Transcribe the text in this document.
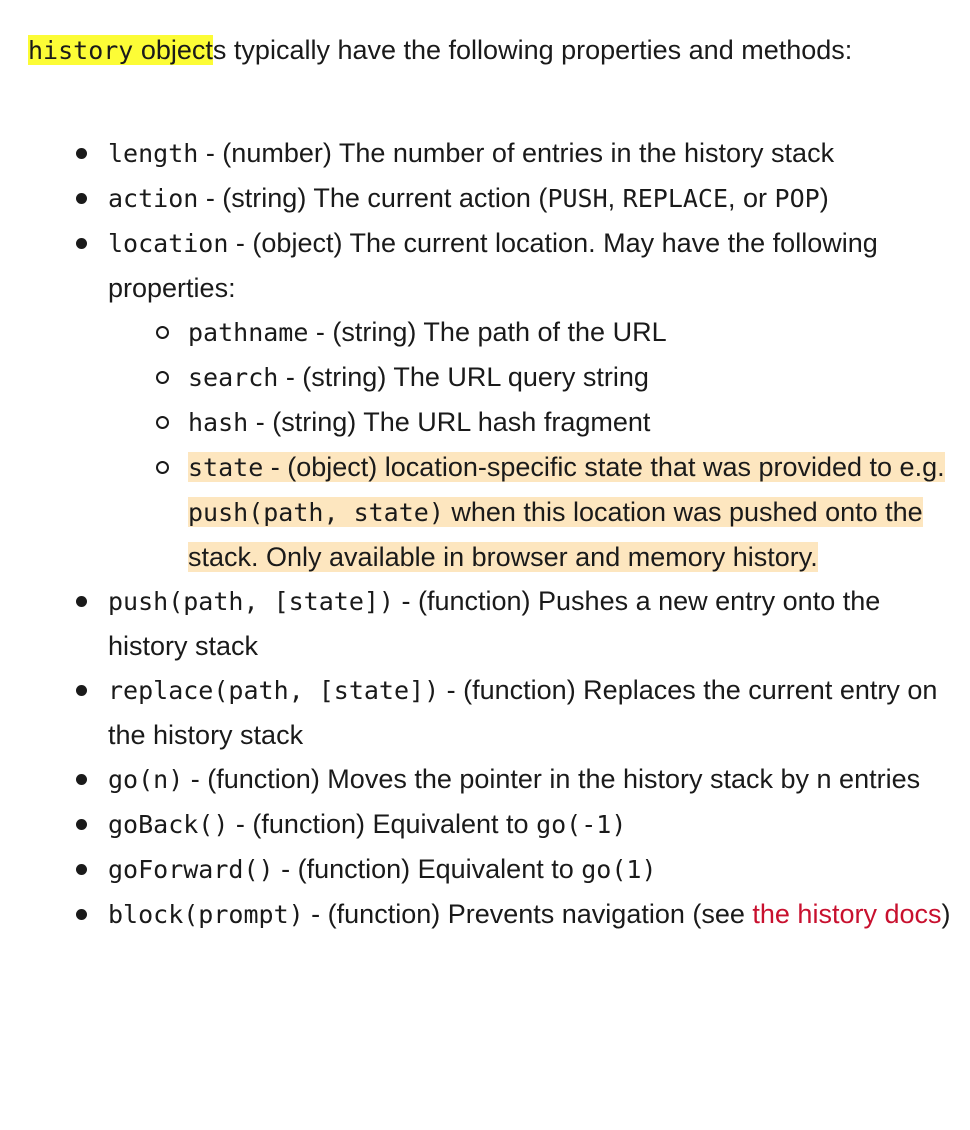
history objects typically have the following properties and methods:

length - (number) The number of entries in the history stack
action - (string) The current action (PUSH, REPLACE, or POP)
location - (object) The current location. May have the following properties:
pathname - (string) The path of the URL
search - (string) The URL query string
hash - (string) The URL hash fragment
state - (object) location-specific state that was provided to e.g. push(path, state) when this location was pushed onto the stack. Only available in browser and memory history.
push(path, [state]) - (function) Pushes a new entry onto the history stack
replace(path, [state]) - (function) Replaces the current entry on the history stack
go(n) - (function) Moves the pointer in the history stack by n entries
goBack() - (function) Equivalent to go(-1)
goForward() - (function) Equivalent to go(1)
block(prompt) - (function) Prevents navigation (see the history docs)
